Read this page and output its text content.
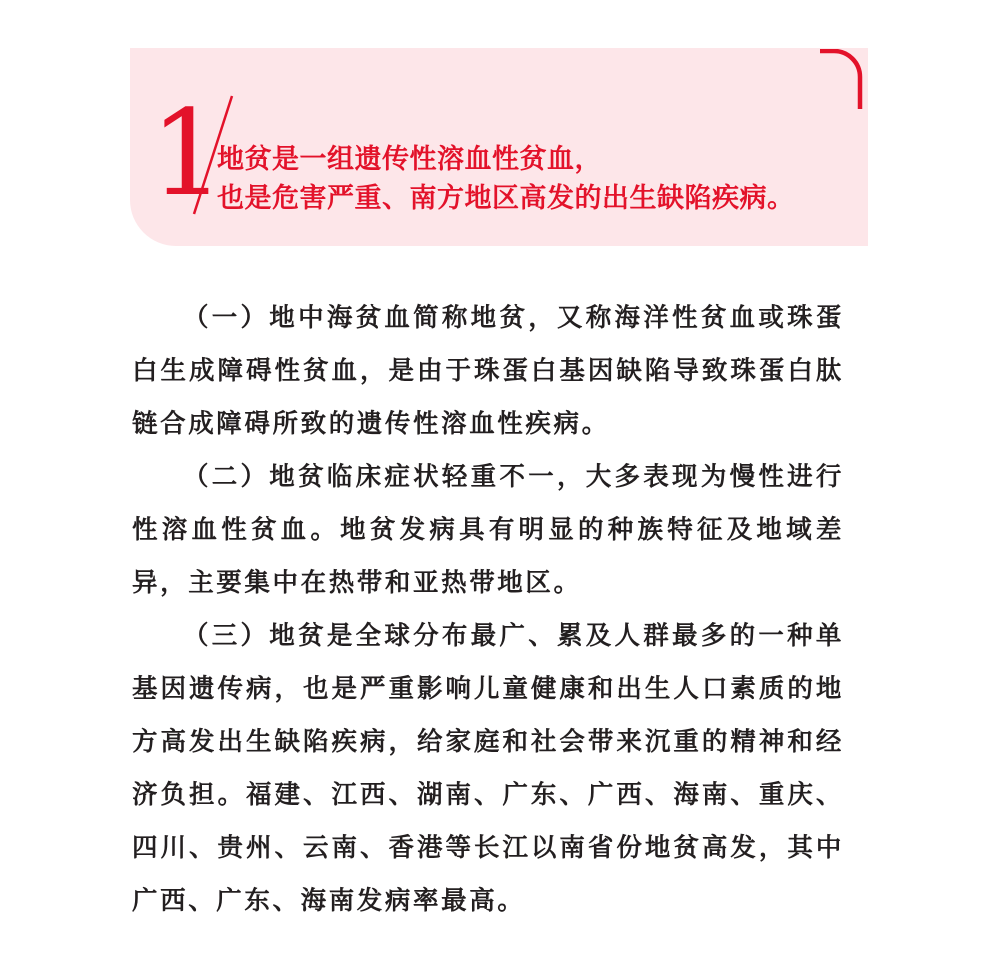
1
地贫是一组遗传性溶血性贫血，
也是危害严重、南方地区高发的出生缺陷疾病。

（一）地中海贫血简称地贫，又称海洋性贫血或珠蛋白生成障碍性贫血，是由于珠蛋白基因缺陷导致珠蛋白肽链合成障碍所致的遗传性溶血性疾病。

（二）地贫临床症状轻重不一，大多表现为慢性进行性溶血性贫血。地贫发病具有明显的种族特征及地域差异，主要集中在热带和亚热带地区。

（三）地贫是全球分布最广、累及人群最多的一种单基因遗传病，也是严重影响儿童健康和出生人口素质的地方高发出生缺陷疾病，给家庭和社会带来沉重的精神和经济负担。福建、江西、湖南、广东、广西、海南、重庆、四川、贵州、云南、香港等长江以南省份地贫高发，其中广西、广东、海南发病率最高。
